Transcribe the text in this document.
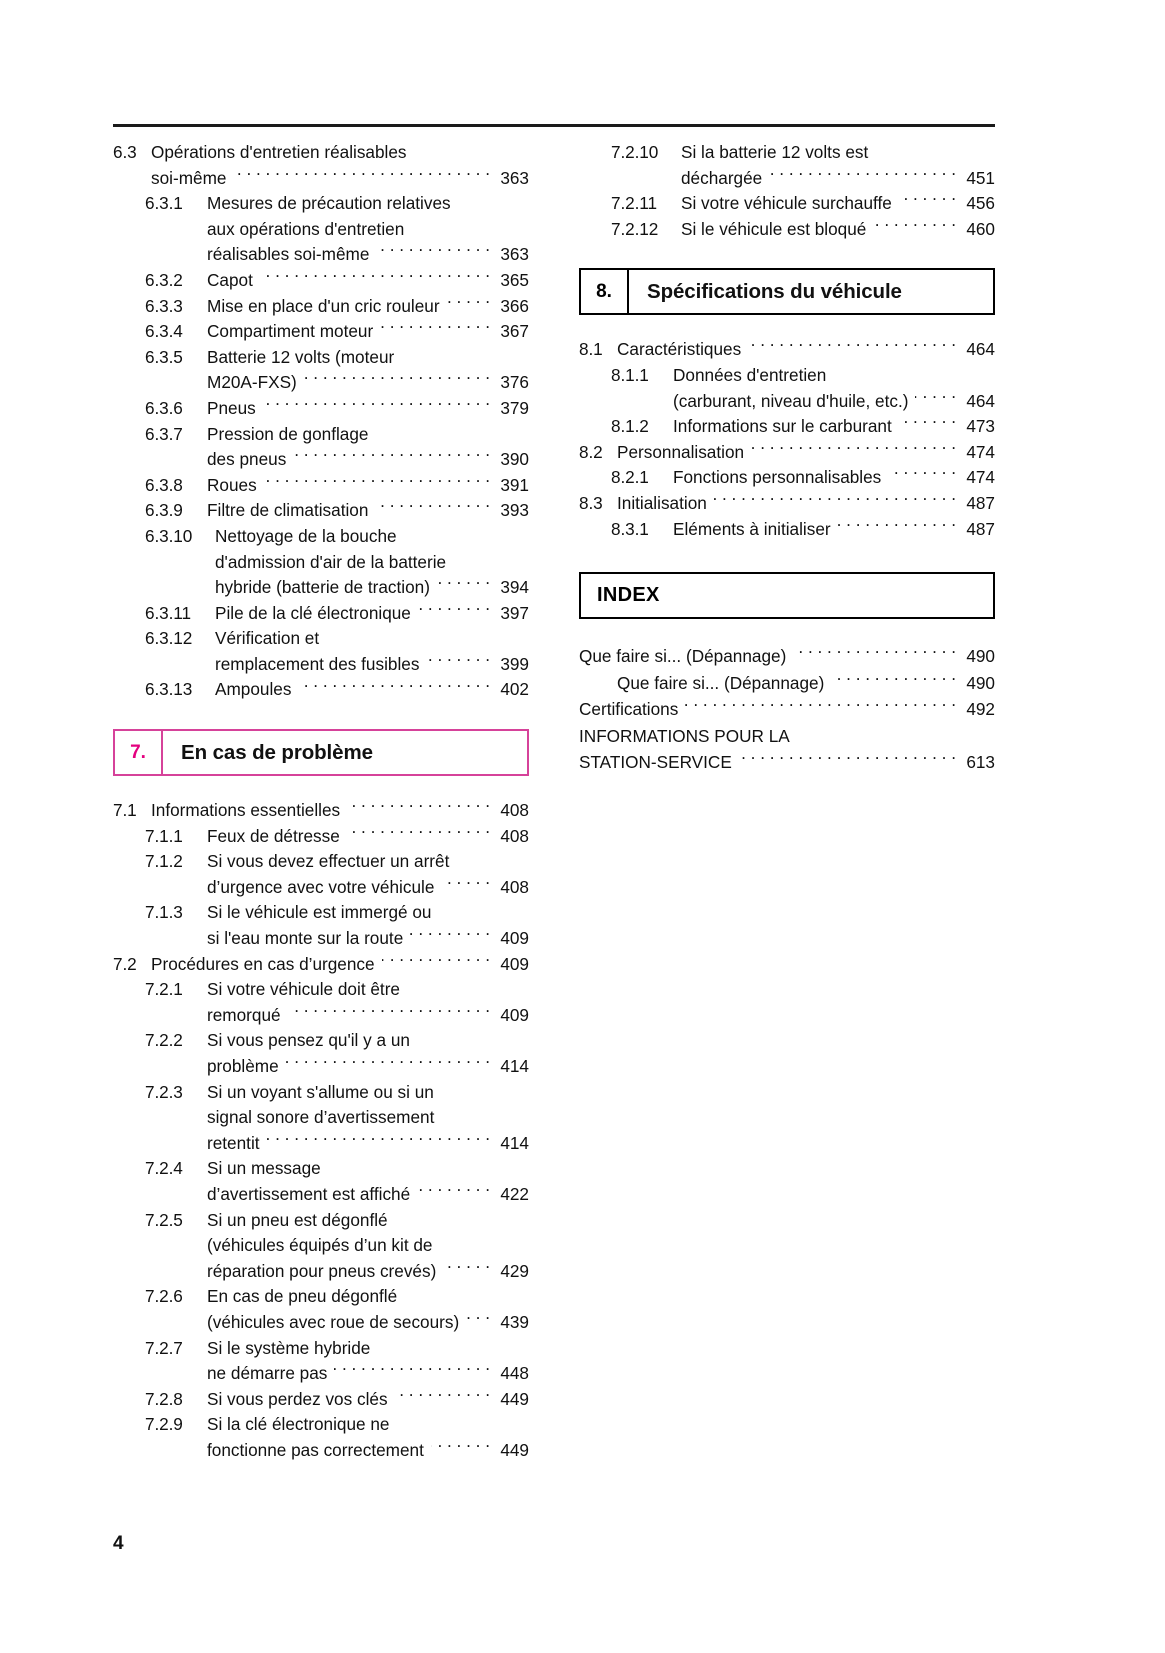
6.3 Opérations d'entretien réalisables
soi-même . . .	363
6.3.1	Mesures de précaution relatives
aux opérations d'entretien
réalisables soi-même . . .	363
6.3.2	Capot . . .	365
6.3.3	Mise en place d'un cric rouleur . . .	366
6.3.4	Compartiment moteur . . .	367
6.3.5	Batterie 12 volts (moteur
M20A-FXS) . . .	376
6.3.6	Pneus . . .	379
6.3.7	Pression de gonflage
des pneus . . .	390
6.3.8	Roues . . .	391
6.3.9	Filtre de climatisation . . .	393
6.3.10	Nettoyage de la bouche
d'admission d'air de la batterie
hybride (batterie de traction) . . .	394
6.3.11	Pile de la clé électronique . . .	397
6.3.12	Vérification et
remplacement des fusibles . . .	399
6.3.13	Ampoules . . .	402
7.	En cas de problème
7.1 Informations essentielles . . .	408
7.1.1	Feux de détresse . . .	408
7.1.2	Si vous devez effectuer un arrêt
d’urgence avec votre véhicule . . .	408
7.1.3	Si le véhicule est immergé ou
si l'eau monte sur la route . . .	409
7.2 Procédures en cas d’urgence . . .	409
7.2.1	Si votre véhicule doit être
remorqué . . .	409
7.2.2	Si vous pensez qu'il y a un
problème . . .	414
7.2.3	Si un voyant s'allume ou si un
signal sonore d’avertissement
retentit . . .	414
7.2.4	Si un message
d’avertissement est affiché . . .	422
7.2.5	Si un pneu est dégonflé
(véhicules équipés d’un kit de
réparation pour pneus crevés) . . .	429
7.2.6	En cas de pneu dégonflé
(véhicules avec roue de secours) . . .	439
7.2.7	Si le système hybride
ne démarre pas . . .	448
7.2.8	Si vous perdez vos clés . . .	449
7.2.9	Si la clé électronique ne
fonctionne pas correctement . . .	449
7.2.10	Si la batterie 12 volts est
déchargée . . .	451
7.2.11	Si votre véhicule surchauffe . . .	456
7.2.12	Si le véhicule est bloqué . . .	460
8.	Spécifications du véhicule
8.1 Caractéristiques . . .	464
8.1.1	Données d'entretien
(carburant, niveau d'huile, etc.) . . .	464
8.1.2	Informations sur le carburant . . .	473
8.2 Personnalisation . . .	474
8.2.1	Fonctions personnalisables . . .	474
8.3 Initialisation . . .	487
8.3.1	Eléments à initialiser . . .	487
INDEX
Que faire si... (Dépannage) . . .	490
Que faire si... (Dépannage) . . .	490
Certifications . . .	492
INFORMATIONS POUR LA
STATION-SERVICE . . .	613
4
